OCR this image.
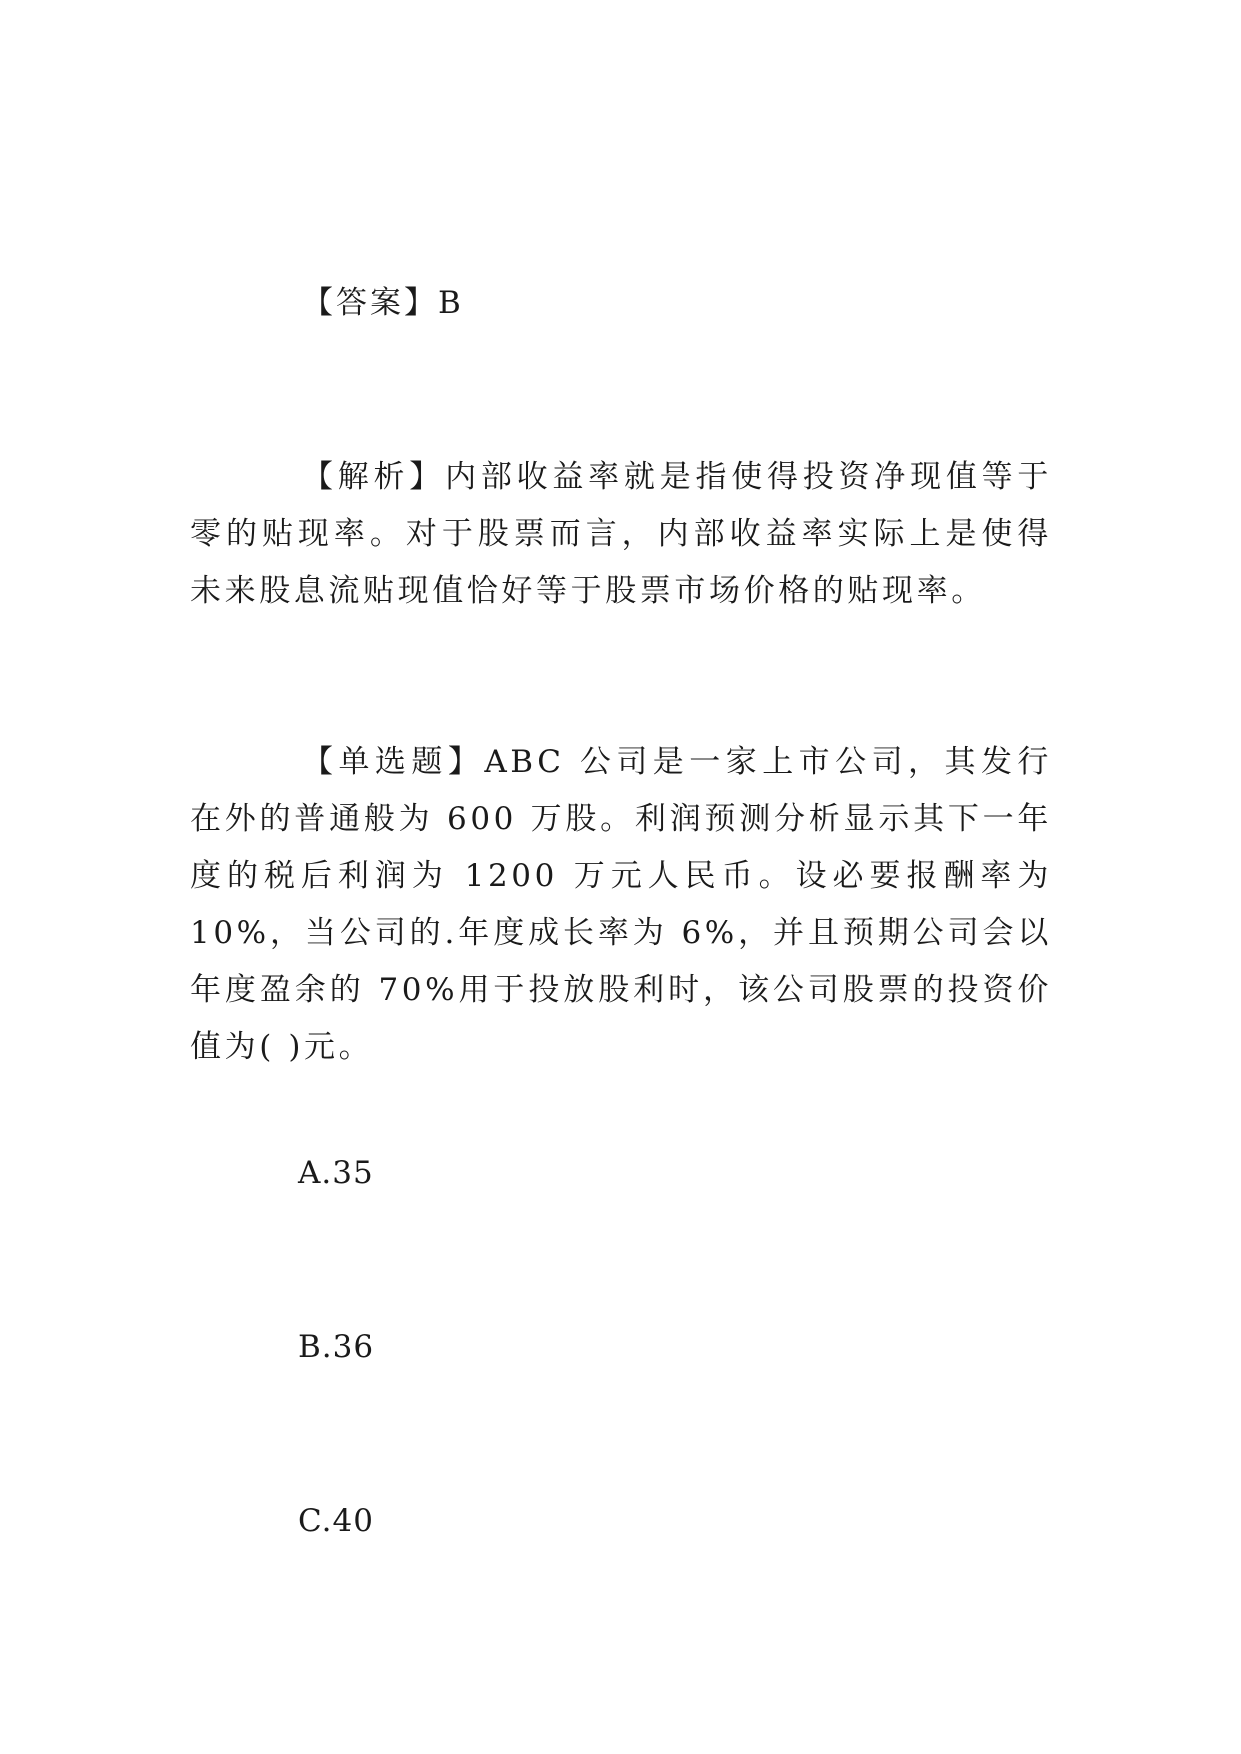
【答案】B
【解析】内部收益率就是指使得投资净现值等于零的贴现率。对于股票而言，内部收益率实际上是使得未来股息流贴现值恰好等于股票市场价格的贴现率。
【单选题】ABC 公司是一家上市公司，其发行在外的普通般为 600 万股。利润预测分析显示其下一年度的税后利润为 1200 万元人民币。设必要报酬率为 10%，当公司的.年度成长率为 6%，并且预期公司会以年度盈余的 70%用于投放股利时，该公司股票的投资价值为( )元。
A.35
B.36
C.40
